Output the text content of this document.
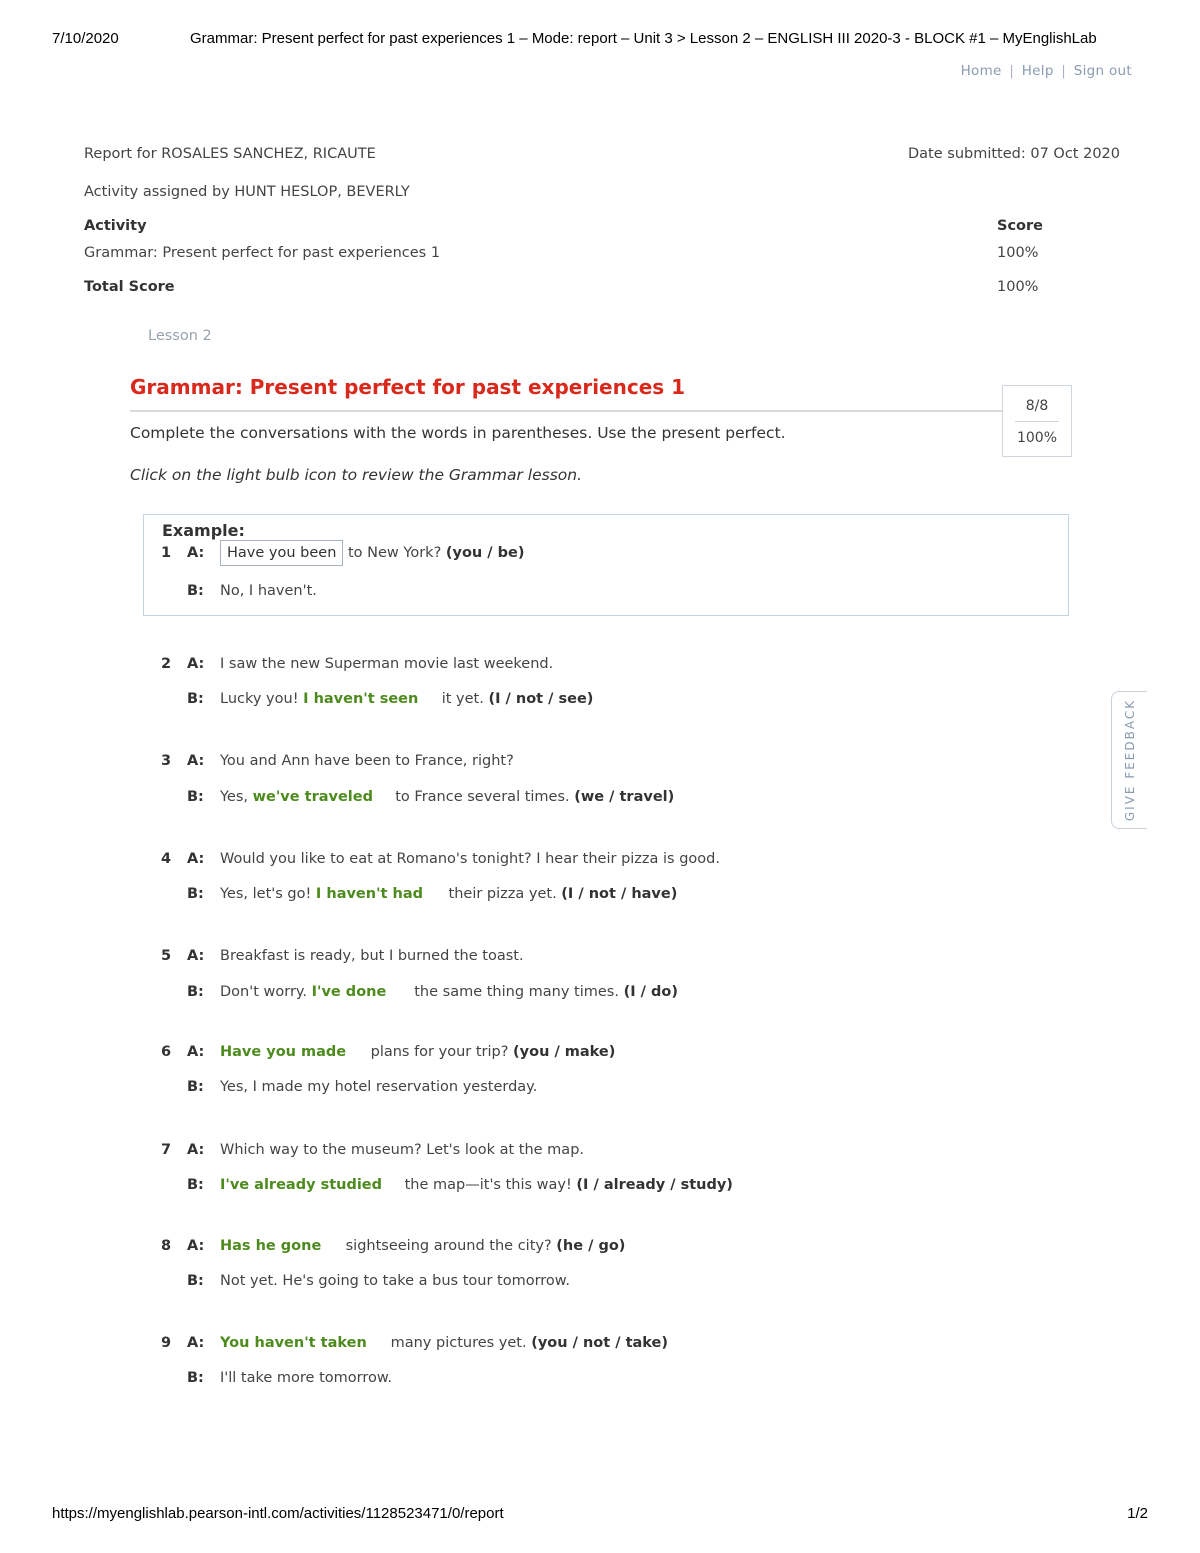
7/10/2020	Grammar: Present perfect for past experiences 1 – Mode: report – Unit 3 > Lesson 2 – ENGLISH III 2020-3 - BLOCK #1 – MyEnglishLab
Home | Help | Sign out
Report for ROSALES SANCHEZ, RICAUTE	Date submitted: 07 Oct 2020
Activity assigned by HUNT HESLOP, BEVERLY
Activity	Score
Grammar: Present perfect for past experiences 1	100%
Total Score	100%
Lesson 2
Grammar: Present perfect for past experiences 1
8/8
100%
Complete the conversations with the words in parentheses. Use the present perfect.
Click on the light bulb icon to review the Grammar lesson.
Example:
1 A:	Have you been to New York? (you / be)
B: No, I haven't.
2 A: I saw the new Superman movie last weekend.
B: Lucky you! I haven't seen it yet. (I / not / see)
3 A: You and Ann have been to France, right?
B: Yes, we've traveled to France several times. (we / travel)
4 A: Would you like to eat at Romano's tonight? I hear their pizza is good.
B: Yes, let's go! I haven't had their pizza yet. (I / not / have)
5 A: Breakfast is ready, but I burned the toast.
B: Don't worry. I've done the same thing many times. (I / do)
6 A: Have you made plans for your trip? (you / make)
B: Yes, I made my hotel reservation yesterday.
7 A: Which way to the museum? Let's look at the map.
B: I've already studied the map—it's this way! (I / already / study)
8 A: Has he gone sightseeing around the city? (he / go)
B: Not yet. He's going to take a bus tour tomorrow.
9 A: You haven't taken many pictures yet. (you / not / take)
B: I'll take more tomorrow.
GIVE FEEDBACK
https://myenglishlab.pearson-intl.com/activities/1128523471/0/report	1/2
